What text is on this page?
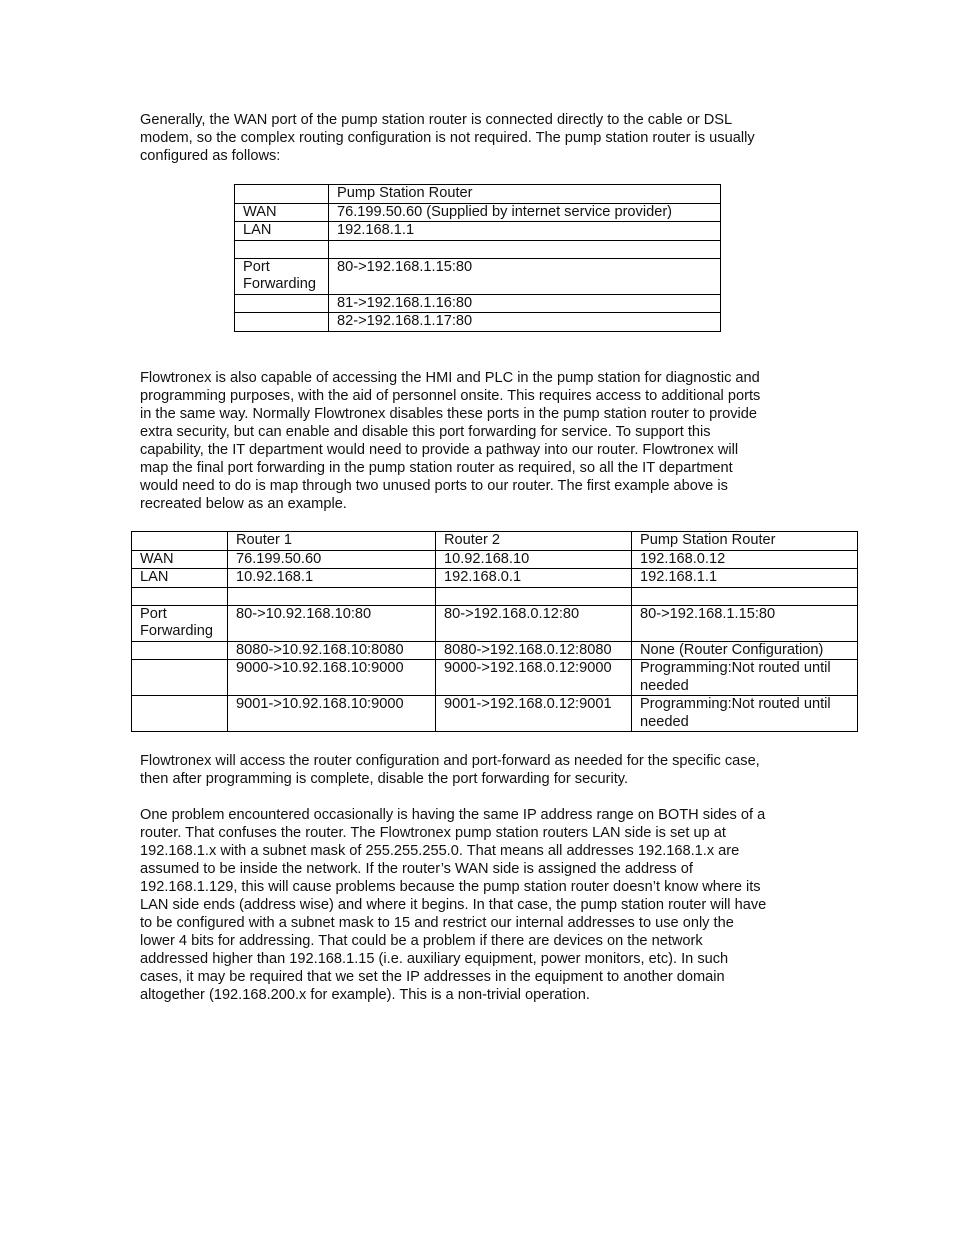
Generally, the WAN port of the pump station router is connected directly to the cable or DSL
modem, so the complex routing configuration is not required. The pump station router is usually
configured as follows:

	Pump Station Router
WAN	76.199.50.60 (Supplied by internet service provider)
LAN	192.168.1.1

Port Forwarding	80->192.168.1.15:80
	81->192.168.1.16:80
	82->192.168.1.17:80

Flowtronex is also capable of accessing the HMI and PLC in the pump station for diagnostic and
programming purposes, with the aid of personnel onsite. This requires access to additional ports
in the same way. Normally Flowtronex disables these ports in the pump station router to provide
extra security, but can enable and disable this port forwarding for service. To support this
capability, the IT department would need to provide a pathway into our router. Flowtronex will
map the final port forwarding in the pump station router as required, so all the IT department
would need to do is map through two unused ports to our router. The first example above is
recreated below as an example.

	Router 1	Router 2	Pump Station Router
WAN	76.199.50.60	10.92.168.10	192.168.0.12
LAN	10.92.168.1	192.168.0.1	192.168.1.1

Port Forwarding	80->10.92.168.10:80	80->192.168.0.12:80	80->192.168.1.15:80
	8080->10.92.168.10:8080	8080->192.168.0.12:8080	None (Router Configuration)
	9000->10.92.168.10:9000	9000->192.168.0.12:9000	Programming:Not routed until needed
	9001->10.92.168.10:9000	9001->192.168.0.12:9001	Programming:Not routed until needed

Flowtronex will access the router configuration and port-forward as needed for the specific case,
then after programming is complete, disable the port forwarding for security.

One problem encountered occasionally is having the same IP address range on BOTH sides of a
router. That confuses the router. The Flowtronex pump station routers LAN side is set up at
192.168.1.x with a subnet mask of 255.255.255.0. That means all addresses 192.168.1.x are
assumed to be inside the network. If the router’s WAN side is assigned the address of
192.168.1.129, this will cause problems because the pump station router doesn’t know where its
LAN side ends (address wise) and where it begins. In that case, the pump station router will have
to be configured with a subnet mask to 15 and restrict our internal addresses to use only the
lower 4 bits for addressing. That could be a problem if there are devices on the network
addressed higher than 192.168.1.15 (i.e. auxiliary equipment, power monitors, etc). In such
cases, it may be required that we set the IP addresses in the equipment to another domain
altogether (192.168.200.x for example). This is a non-trivial operation.
